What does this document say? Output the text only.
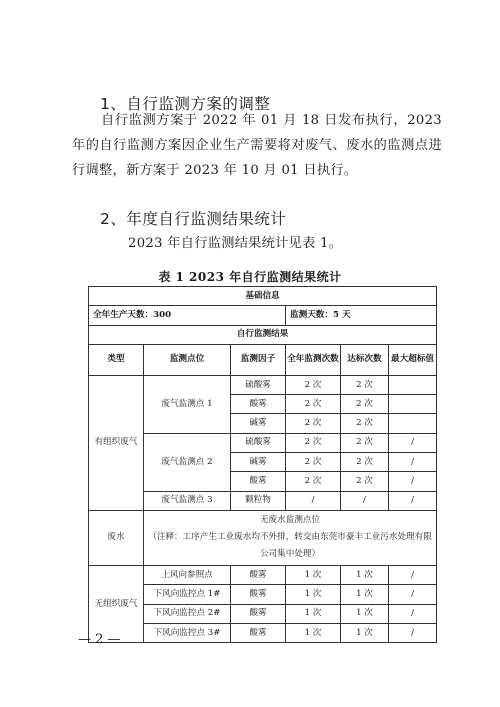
1、自行监测方案的调整
自行监测方案于 2022 年 01 月 18 日发布执行，2023 年的自行监测方案因企业生产需要将对废气、废水的监测点进行调整，新方案于 2023 年 10 月 01 日执行。
2、年度自行监测结果统计
2023 年自行监测结果统计见表 1。
表 1 2023 年自行监测结果统计
基础信息					
全年生产天数：300			监测天数：5 天		
自行监测结果					
类型	监测点位	监测因子	全年监测次数	达标次数	最大超标值
有组织废气	废气监测点 1	硫酸雾	2 次	2 次	
		酸雾	2 次	2 次	
		碱雾	2 次	2 次	
	废气监测点 2	硫酸雾	2 次	2 次	/
		碱雾	2 次	2 次	/
		酸雾	2 次	2 次	/
	废气监测点 3	颗粒物	/	/	/
废水	无废水监测点位
（注释：工序产生工业废水均不外排，转交由东莞市豪丰工业污水处理有限公司集中处理）				

无组织废气	上风向参照点	酸雾	1 次	1 次	/
	下风向监控点 1#	酸雾	1 次	1 次	/
	下风向监控点 2#	酸雾	1 次	1 次	/
	下风向监控点 3#	酸雾	1 次	1 次	/
— 2 —
